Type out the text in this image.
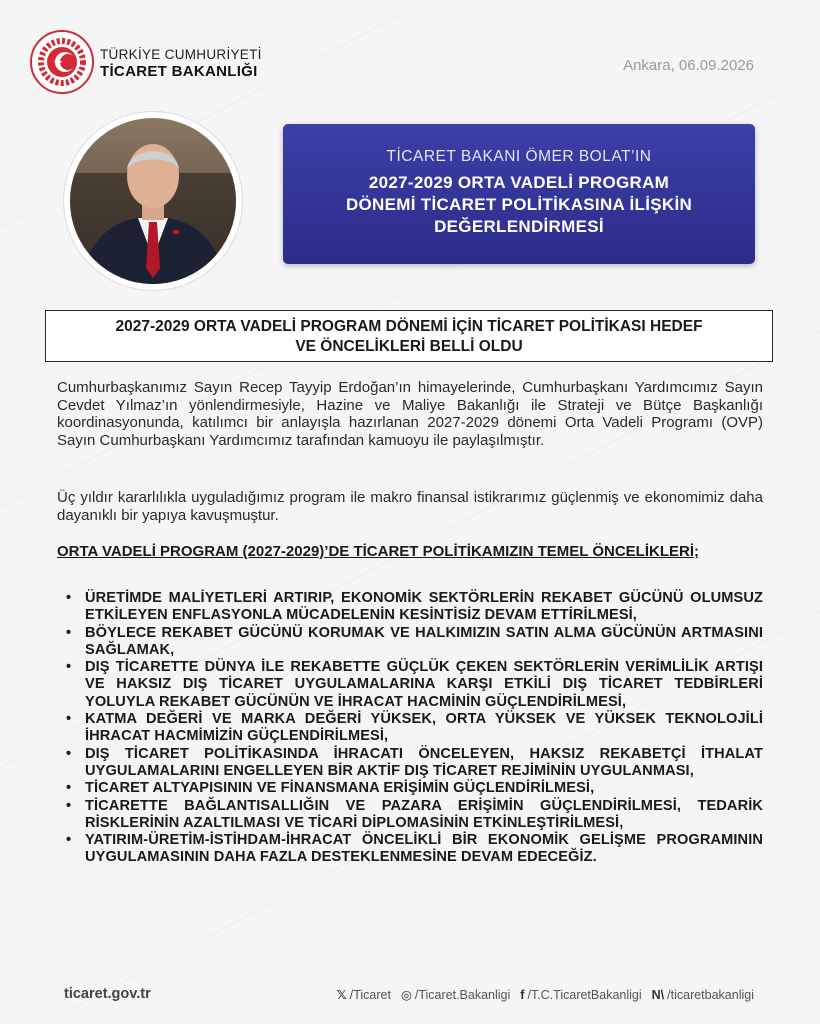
TÜRKİYE CUMHURİYETİ
TİCARET BAKANLIĞI	Ankara, 06.09.2026
TİCARET BAKANI ÖMER BOLAT’IN
2027-2029 ORTA VADELİ PROGRAM
DÖNEMİ TİCARET POLİTİKASINA İLİŞKİN
DEĞERLENDİRMESİ
2027-2029 ORTA VADELİ PROGRAM DÖNEMİ İÇİN TİCARET POLİTİKASI HEDEF
VE ÖNCELİKLERİ BELLİ OLDU
Cumhurbaşkanımız Sayın Recep Tayyip Erdoğan’ın himayelerinde, Cumhurbaşkanı Yardımcımız Sayın Cevdet Yılmaz’ın yönlendirmesiyle, Hazine ve Maliye Bakanlığı ile Strateji ve Bütçe Başkanlığı koordinasyonunda, katılımcı bir anlayışla hazırlanan 2027-2029 dönemi Orta Vadeli Programı (OVP) Sayın Cumhurbaşkanı Yardımcımız tarafından kamuoyu ile paylaşılmıştır.
Üç yıldır kararlılıkla uyguladığımız program ile makro finansal istikrarımız güçlenmiş ve ekonomimiz daha dayanıklı bir yapıya kavuşmuştur.
ORTA VADELİ PROGRAM (2027-2029)’DE TİCARET POLİTİKAMIZIN TEMEL ÖNCELİKLERİ;
• ÜRETİMDE MALİYETLERİ ARTIRIP, EKONOMİK SEKTÖRLERİN REKABET GÜCÜNÜ OLUMSUZ ETKİLEYEN ENFLASYONLA MÜCADELENİN KESİNTİSİZ DEVAM ETTİRİLMESİ,
• BÖYLECE REKABET GÜCÜNÜ KORUMAK VE HALKIMIZIN SATIN ALMA GÜCÜNÜN ARTMASINI SAĞLAMAK,
• DIŞ TİCARETTE DÜNYA İLE REKABETTE GÜÇLÜK ÇEKEN SEKTÖRLERİN VERİMLİLİK ARTIŞI VE HAKSIZ DIŞ TİCARET UYGULAMALARINA KARŞI ETKİLİ DIŞ TİCARET TEDBİRLERİ YOLUYLA REKABET GÜCÜNÜN VE İHRACAT HACMİNİN GÜÇLENDİRİLMESİ,
• KATMA DEĞERİ VE MARKA DEĞERİ YÜKSEK, ORTA YÜKSEK VE YÜKSEK TEKNOLOJİLİ İHRACAT HACMİMİZİN GÜÇLENDİRİLMESİ,
• DIŞ TİCARET POLİTİKASINDA İHRACATI ÖNCELEYEN, HAKSIZ REKABETÇİ İTHALAT UYGULAMALARINI ENGELLEYEN BİR AKTİF DIŞ TİCARET REJİMİNİN UYGULANMASI,
• TİCARET ALTYAPISININ VE FİNANSMANA ERİŞİMİN GÜÇLENDİRİLMESİ,
• TİCARETTE BAĞLANTISALLIĞIN VE PAZARA ERİŞİMİN GÜÇLENDİRİLMESİ, TEDARİK RİSKLERİNİN AZALTILMASI VE TİCARİ DİPLOMASİNİN ETKİNLEŞTİRİLMESİ,
• YATIRIM-ÜRETİM-İSTİHDAM-İHRACAT ÖNCELİKLİ BİR EKONOMİK GELİŞME PROGRAMININ UYGULAMASININ DAHA FAZLA DESTEKLENMESİNE DEVAM EDECEĞİZ.
ticaret.gov.tr	𝕏 /Ticaret ◎ /Ticaret.Bakanligi f /T.C.TicaretBakanligi N\ /ticaretbakanligi
